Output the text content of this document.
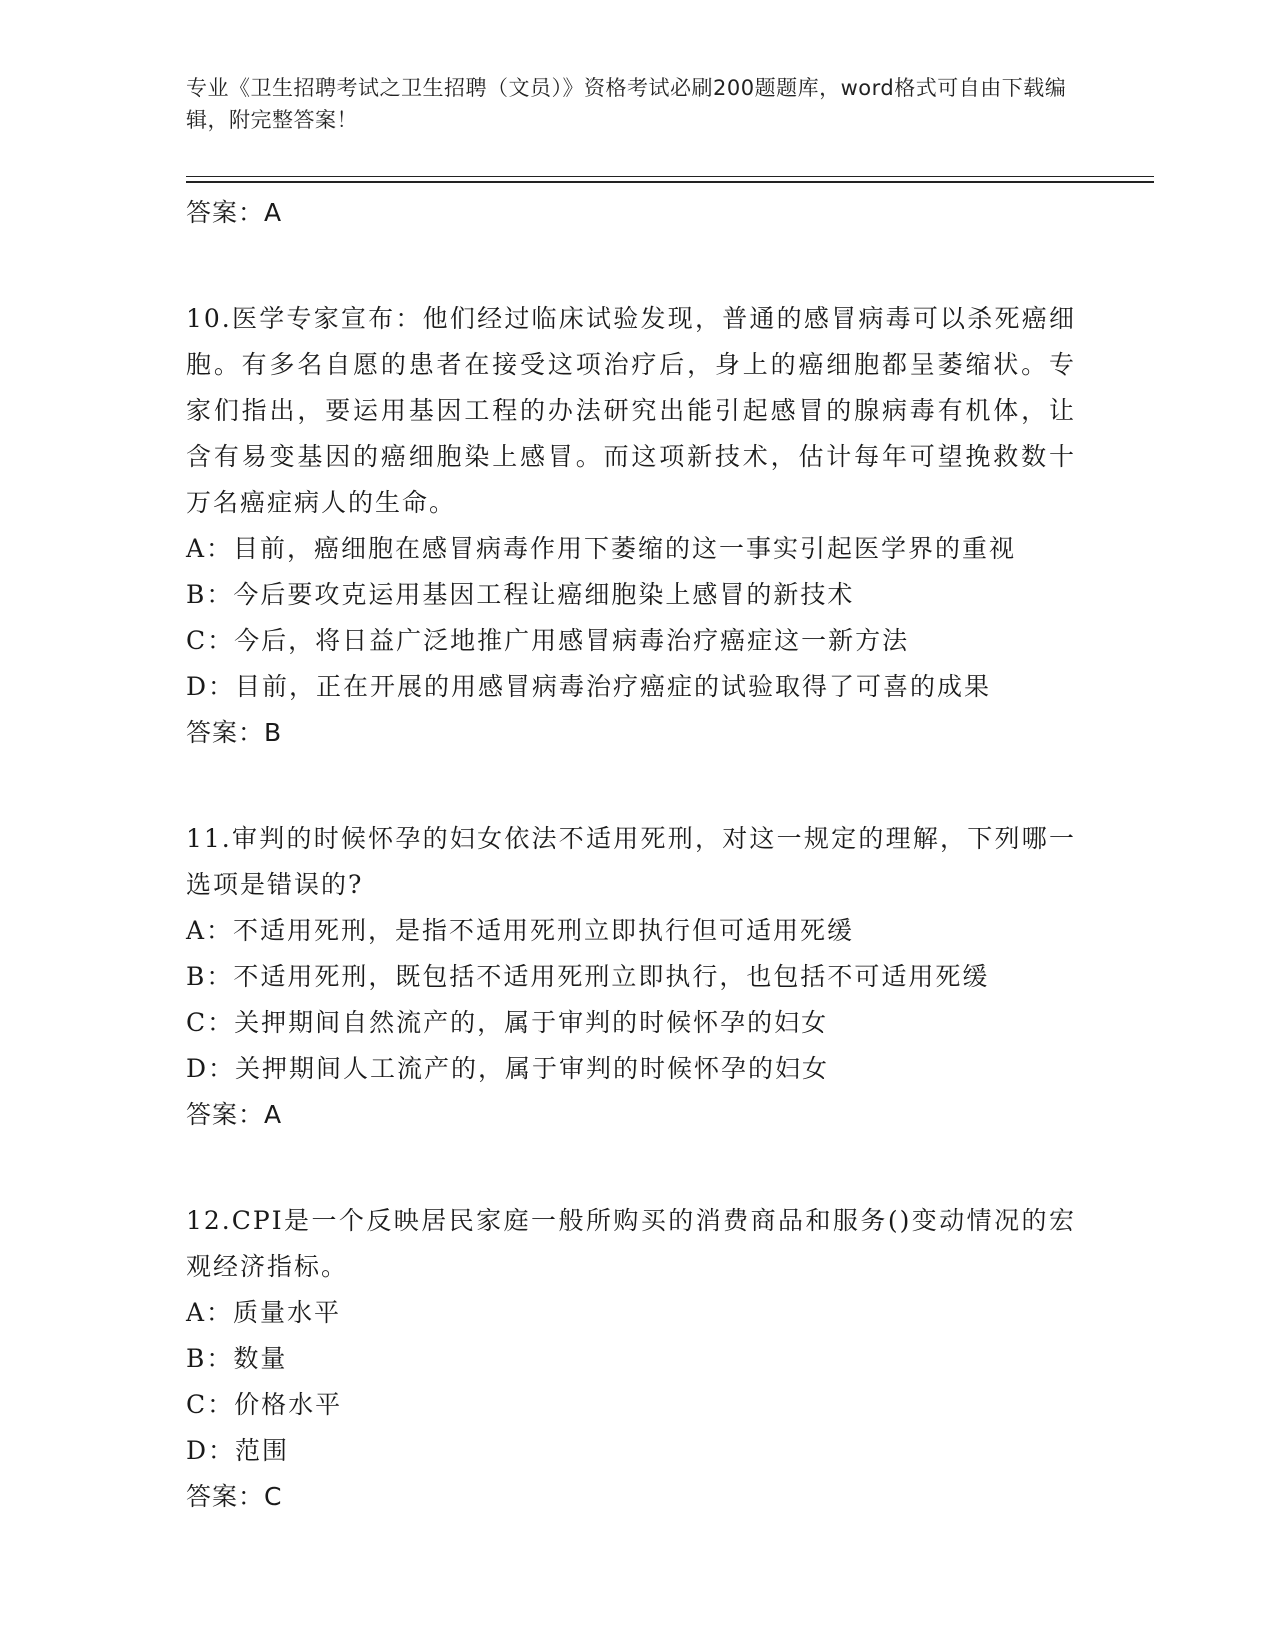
专业《卫生招聘考试之卫生招聘（文员）》资格考试必刷200题题库，word格式可自由下载编辑，附完整答案！
答案：A
10.医学专家宣布：他们经过临床试验发现，普通的感冒病毒可以杀死癌细胞。有多名自愿的患者在接受这项治疗后，身上的癌细胞都呈萎缩状。专家们指出，要运用基因工程的办法研究出能引起感冒的腺病毒有机体，让含有易变基因的癌细胞染上感冒。而这项新技术，估计每年可望挽救数十万名癌症病人的生命。
A：目前，癌细胞在感冒病毒作用下萎缩的这一事实引起医学界的重视
B：今后要攻克运用基因工程让癌细胞染上感冒的新技术
C：今后，将日益广泛地推广用感冒病毒治疗癌症这一新方法
D：目前，正在开展的用感冒病毒治疗癌症的试验取得了可喜的成果
答案：B
11.审判的时候怀孕的妇女依法不适用死刑，对这一规定的理解，下列哪一选项是错误的?
A：不适用死刑，是指不适用死刑立即执行但可适用死缓
B：不适用死刑，既包括不适用死刑立即执行，也包括不可适用死缓
C：关押期间自然流产的，属于审判的时候怀孕的妇女
D：关押期间人工流产的，属于审判的时候怀孕的妇女
答案：A
12.CPI是一个反映居民家庭一般所购买的消费商品和服务()变动情况的宏观经济指标。
A：质量水平
B：数量
C：价格水平
D：范围
答案：C
